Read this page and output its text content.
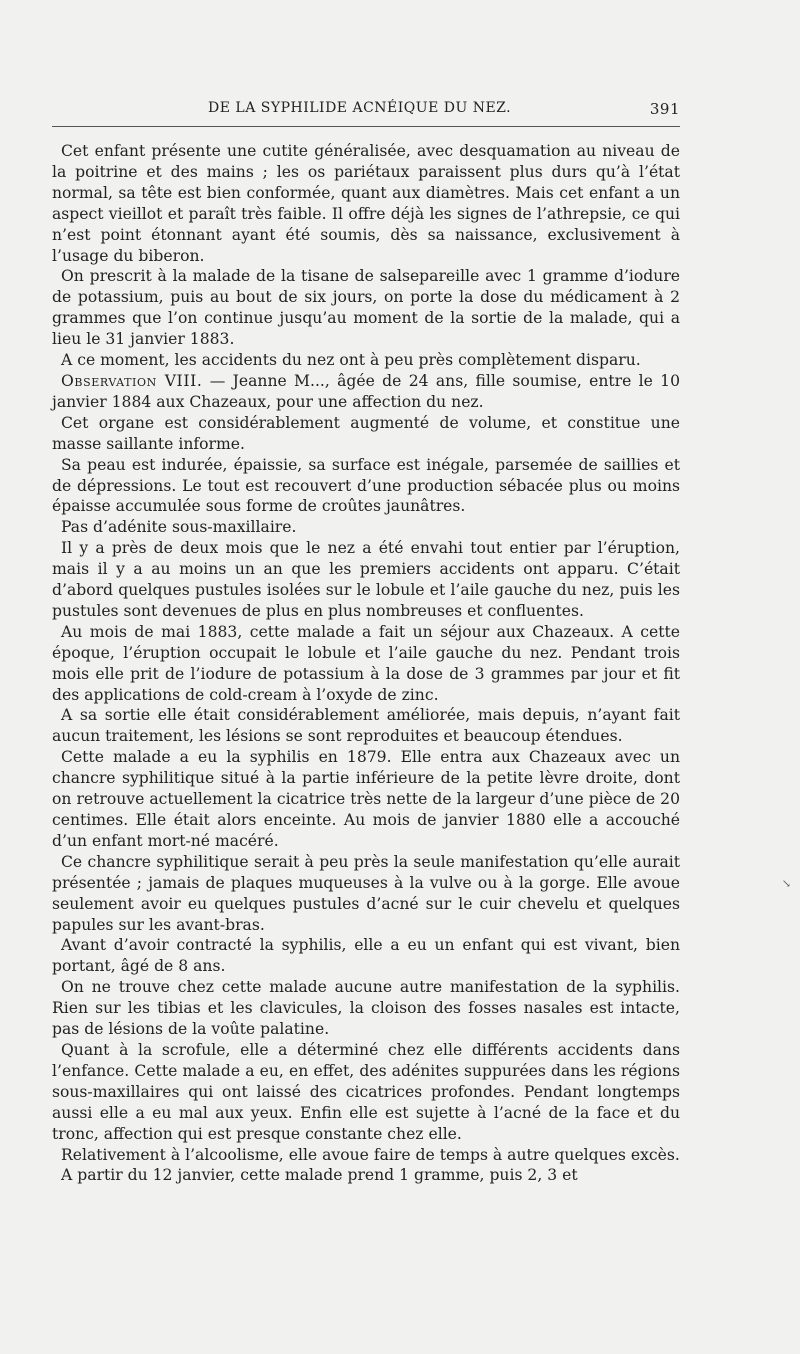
DE LA SYPHILIDE ACNÉIQUE DU NEZ.	391

Cet enfant présente une cutite généralisée, avec desquamation au niveau de la poitrine et des mains ; les os pariétaux paraissent plus durs qu’à l’état normal, sa tête est bien conformée, quant aux diamètres. Mais cet enfant a un aspect vieillot et paraît très faible. Il offre déjà les signes de l’athrepsie, ce qui n’est point étonnant ayant été soumis, dès sa naissance, exclusivement à l’usage du biberon.

On prescrit à la malade de la tisane de salsepareille avec 1 gramme d’iodure de potassium, puis au bout de six jours, on porte la dose du médicament à 2 grammes que l’on continue jusqu’au moment de la sortie de la malade, qui a lieu le 31 janvier 1883.

A ce moment, les accidents du nez ont à peu près complètement disparu.

Observation VIII. — Jeanne M..., âgée de 24 ans, fille soumise, entre le 10 janvier 1884 aux Chazeaux, pour une affection du nez.

Cet organe est considérablement augmenté de volume, et constitue une masse saillante informe.

Sa peau est indurée, épaissie, sa surface est inégale, parsemée de saillies et de dépressions. Le tout est recouvert d’une production sébacée plus ou moins épaisse accumulée sous forme de croûtes jaunâtres.

Pas d’adénite sous-maxillaire.

Il y a près de deux mois que le nez a été envahi tout entier par l’éruption, mais il y a au moins un an que les premiers accidents ont apparu. C’était d’abord quelques pustules isolées sur le lobule et l’aile gauche du nez, puis les pustules sont devenues de plus en plus nombreuses et confluentes.

Au mois de mai 1883, cette malade a fait un séjour aux Chazeaux. A cette époque, l’éruption occupait le lobule et l’aile gauche du nez. Pendant trois mois elle prit de l’iodure de potassium à la dose de 3 grammes par jour et fit des applications de cold-cream à l’oxyde de zinc.

A sa sortie elle était considérablement améliorée, mais depuis, n’ayant fait aucun traitement, les lésions se sont reproduites et beaucoup étendues.

Cette malade a eu la syphilis en 1879. Elle entra aux Chazeaux avec un chancre syphilitique situé à la partie inférieure de la petite lèvre droite, dont on retrouve actuellement la cicatrice très nette de la largeur d’une pièce de 20 centimes. Elle était alors enceinte. Au mois de janvier 1880 elle a accouché d’un enfant mort-né macéré.

Ce chancre syphilitique serait à peu près la seule manifestation qu’elle aurait présentée ; jamais de plaques muqueuses à la vulve ou à la gorge. Elle avoue seulement avoir eu quelques pustules d’acné sur le cuir chevelu et quelques papules sur les avant-bras.

Avant d’avoir contracté la syphilis, elle a eu un enfant qui est vivant, bien portant, âgé de 8 ans.

On ne trouve chez cette malade aucune autre manifestation de la syphilis. Rien sur les tibias et les clavicules, la cloison des fosses nasales est intacte, pas de lésions de la voûte palatine.

Quant à la scrofule, elle a déterminé chez elle différents accidents dans l’enfance. Cette malade a eu, en effet, des adénites suppurées dans les régions sous-maxillaires qui ont laissé des cicatrices profondes. Pendant longtemps aussi elle a eu mal aux yeux. Enfin elle est sujette à l’acné de la face et du tronc, affection qui est presque constante chez elle.

Relativement à l’alcoolisme, elle avoue faire de temps à autre quelques excès.

A partir du 12 janvier, cette malade prend 1 gramme, puis 2, 3 et

↘
